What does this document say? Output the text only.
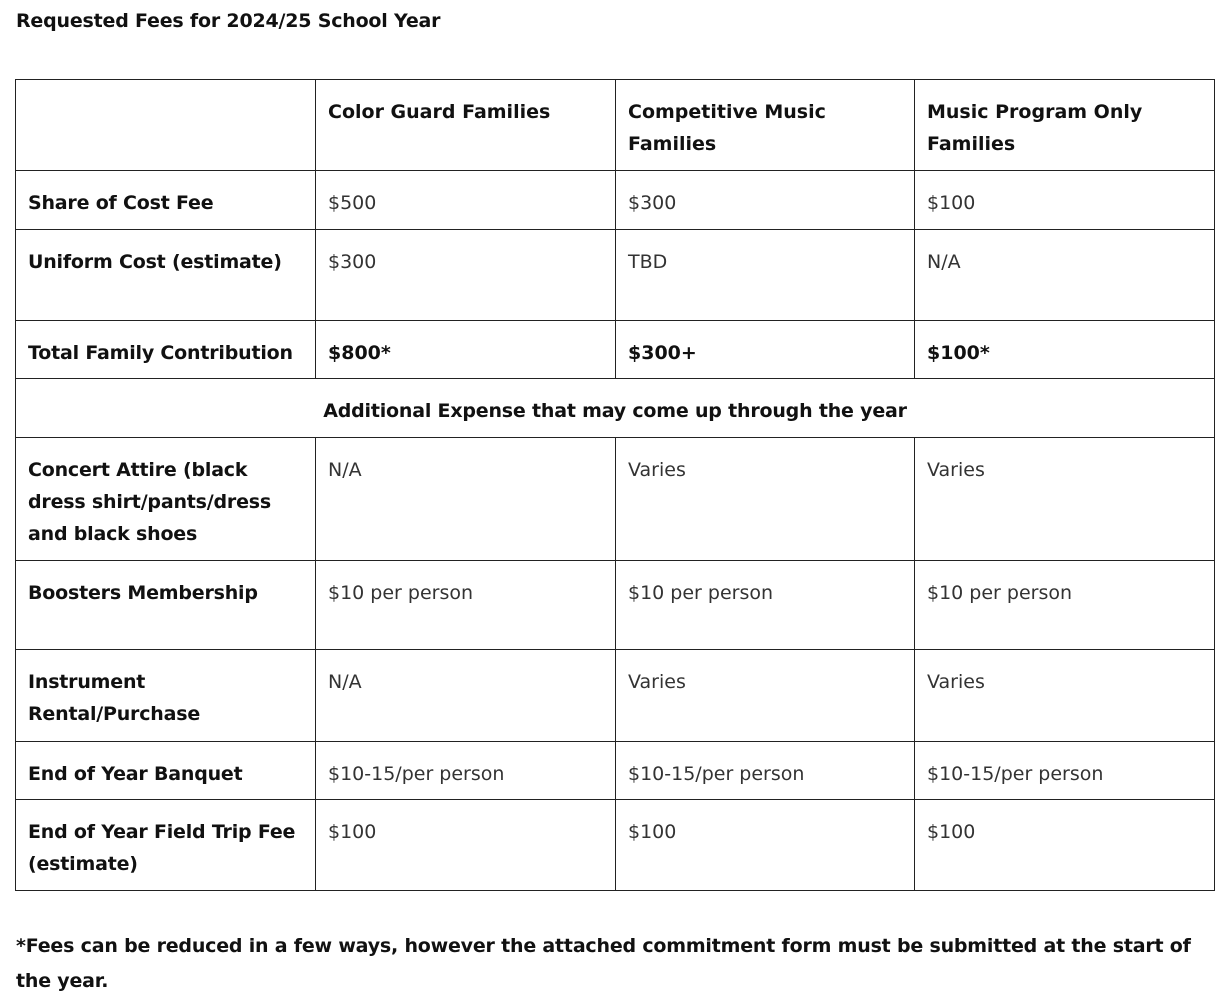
Requested Fees for 2024/25 School Year
	Color Guard Families	Competitive Music Families	Music Program Only Families
Share of Cost Fee	$500	$300	$100
Uniform Cost (estimate)	$300	TBD	N/A
Total Family Contribution	$800*	$300+	$100*
Additional Expense that may come up through the year			
Concert Attire (black dress shirt/pants/dress and black shoes	N/A	Varies	Varies
Boosters Membership	$10 per person	$10 per person	$10 per person
Instrument Rental/Purchase	N/A	Varies	Varies
End of Year Banquet	$10-15/per person	$10-15/per person	$10-15/per person
End of Year Field Trip Fee (estimate)	$100	$100	$100
*Fees can be reduced in a few ways, however the attached commitment form must be submitted at the start of the year.
